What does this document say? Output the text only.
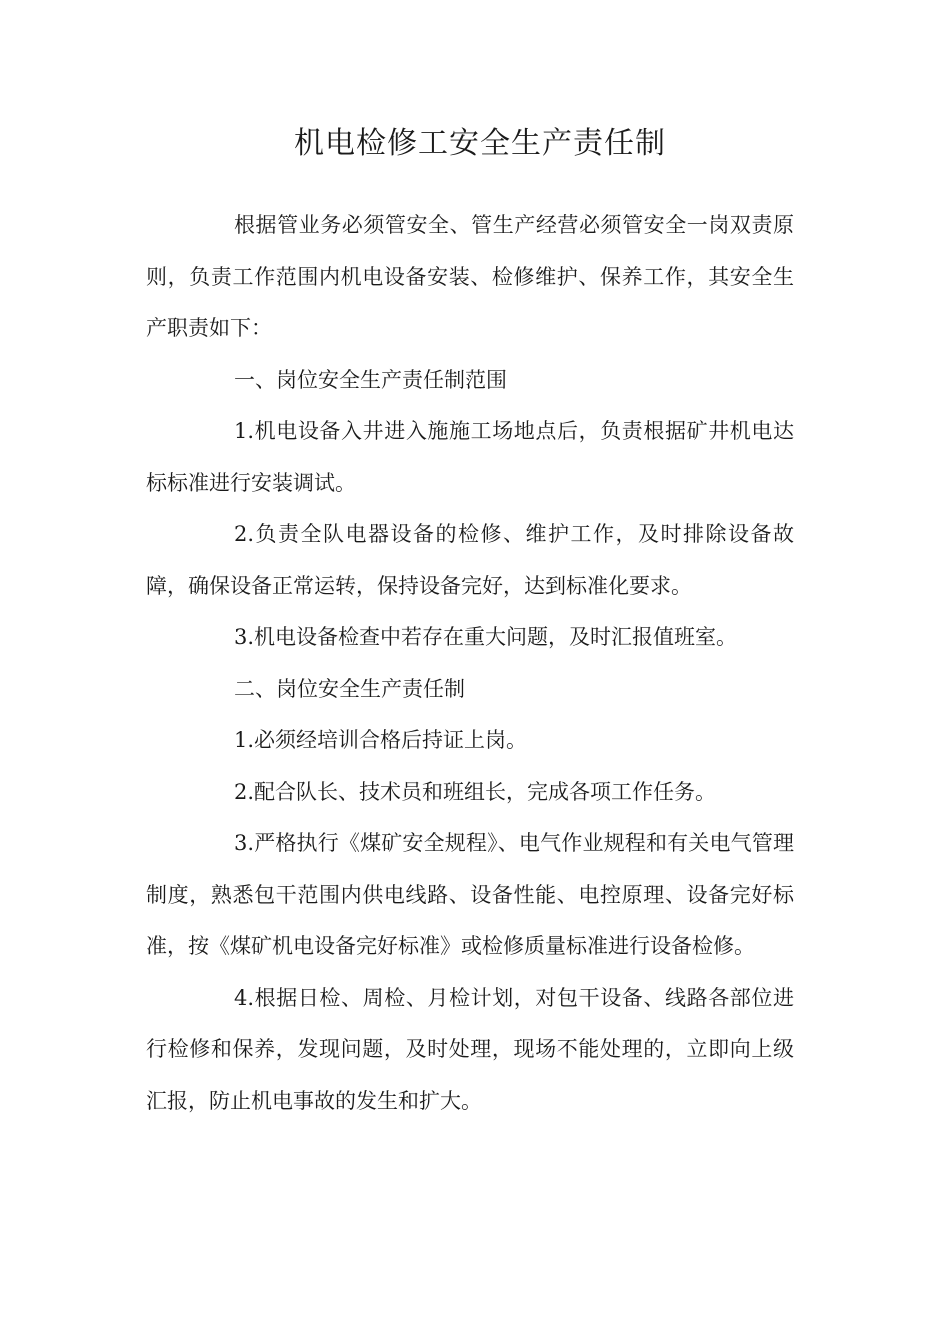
机电检修工安全生产责任制

根据管业务必须管安全、管生产经营必须管安全一岗双责原则，负责工作范围内机电设备安装、检修维护、保养工作，其安全生产职责如下：

一、岗位安全生产责任制范围

1.机电设备入井进入施施工场地点后，负责根据矿井机电达标标准进行安装调试。

2.负责全队电器设备的检修、维护工作，及时排除设备故障，确保设备正常运转，保持设备完好，达到标准化要求。

3.机电设备检查中若存在重大问题，及时汇报值班室。

二、岗位安全生产责任制

1.必须经培训合格后持证上岗。

2.配合队长、技术员和班组长，完成各项工作任务。

3.严格执行《煤矿安全规程》、电气作业规程和有关电气管理制度，熟悉包干范围内供电线路、设备性能、电控原理、设备完好标准，按《煤矿机电设备完好标准》或检修质量标准进行设备检修。

4.根据日检、周检、月检计划，对包干设备、线路各部位进行检修和保养，发现问题，及时处理，现场不能处理的，立即向上级汇报，防止机电事故的发生和扩大。
